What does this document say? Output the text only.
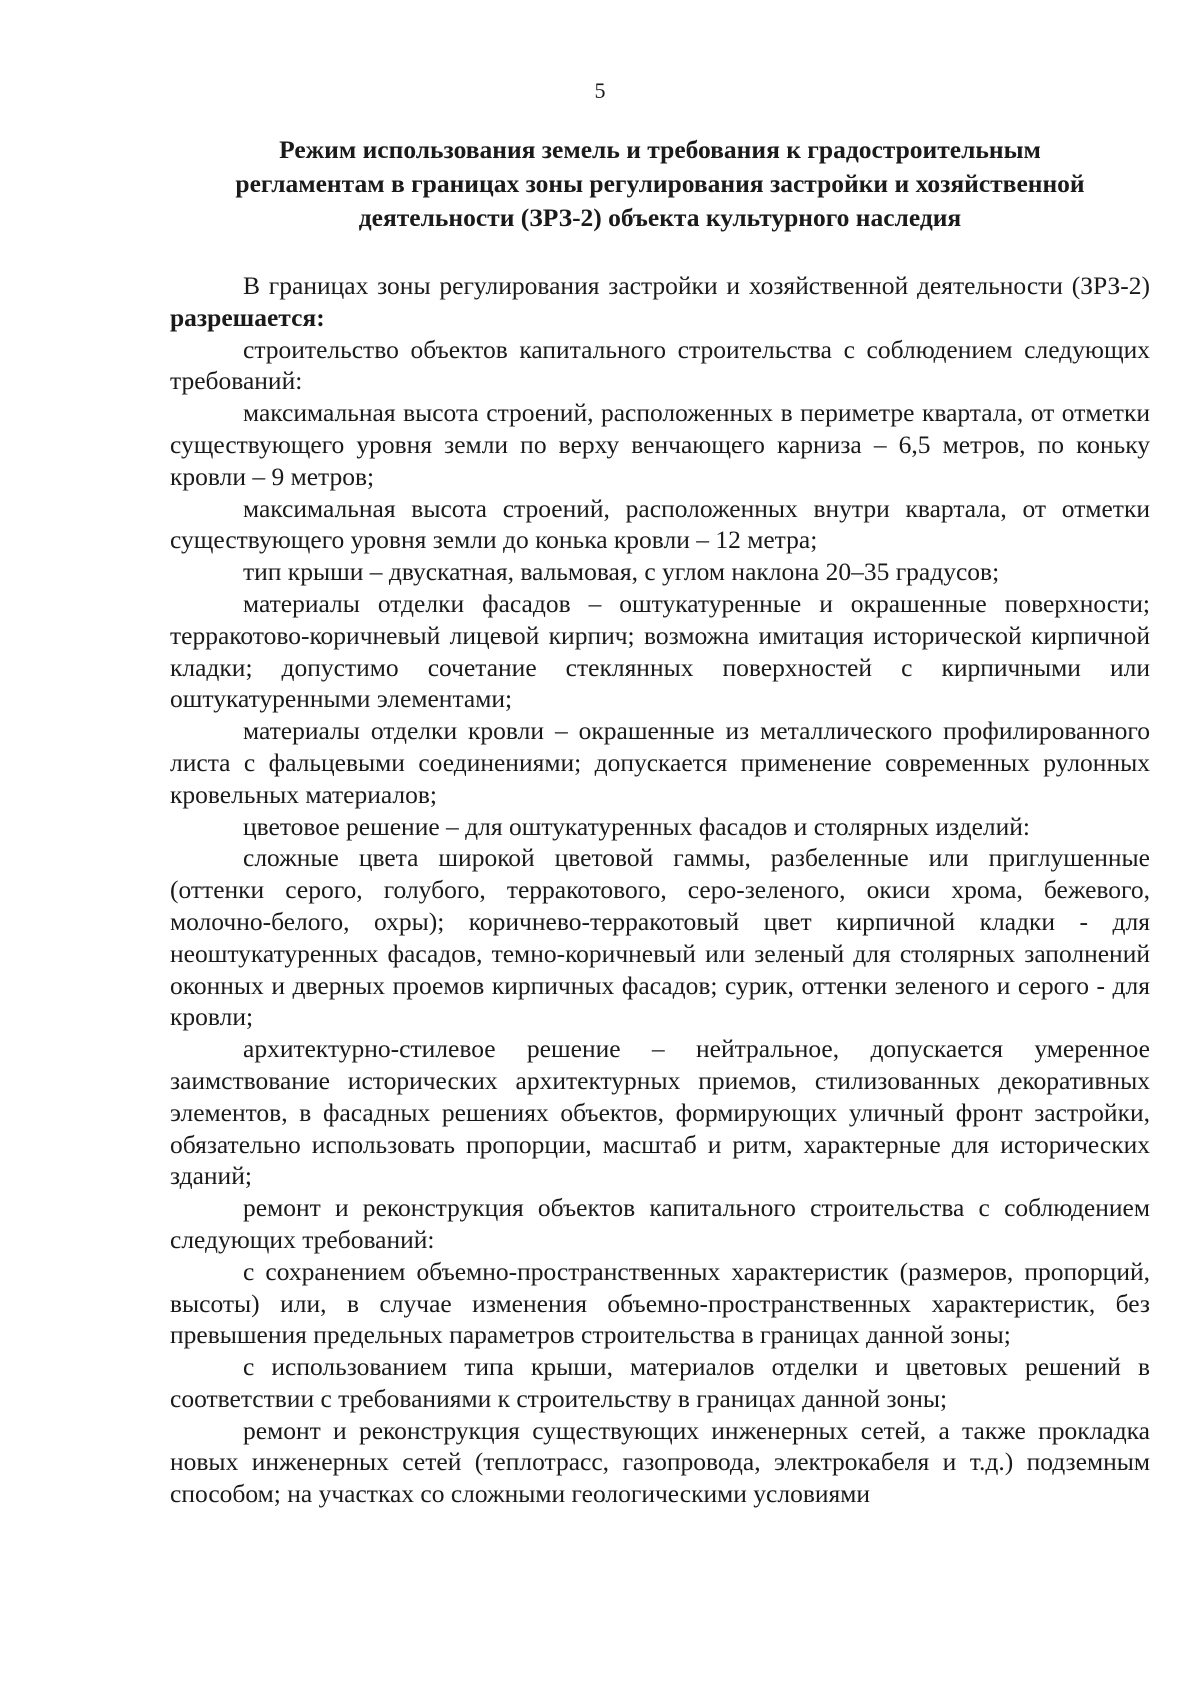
5
Режим использования земель и требования к градостроительным
регламентам в границах зоны регулирования застройки и хозяйственной
деятельности (ЗРЗ-2) объекта культурного наследия

В границах зоны регулирования застройки и хозяйственной деятельности (ЗРЗ-2) разрешается:

строительство объектов капитального строительства с соблюдением следующих требований:

максимальная высота строений, расположенных в периметре квартала, от отметки существующего уровня земли по верху венчающего карниза – 6,5 метров, по коньку кровли – 9 метров;

максимальная высота строений, расположенных внутри квартала, от отметки существующего уровня земли до конька кровли – 12 метра;

тип крыши – двускатная, вальмовая, с углом наклона 20–35 градусов;

материалы отделки фасадов – оштукатуренные и окрашенные поверхности; терракотово-коричневый лицевой кирпич; возможна имитация исторической кирпичной кладки; допустимо сочетание стеклянных поверхностей с кирпичными или оштукатуренными элементами;

материалы отделки кровли – окрашенные из металлического профилированного листа с фальцевыми соединениями; допускается применение современных рулонных кровельных материалов;

цветовое решение – для оштукатуренных фасадов и столярных изделий:

сложные цвета широкой цветовой гаммы, разбеленные или приглушенные (оттенки серого, голубого, терракотового, серо-зеленого, окиси хрома, бежевого, молочно-белого, охры); коричнево-терракотовый цвет кирпичной кладки - для неоштукатуренных фасадов, темно-коричневый или зеленый для столярных заполнений оконных и дверных проемов кирпичных фасадов; сурик, оттенки зеленого и серого - для кровли;

архитектурно-стилевое решение – нейтральное, допускается умеренное заимствование исторических архитектурных приемов, стилизованных декоративных элементов, в фасадных решениях объектов, формирующих уличный фронт застройки, обязательно использовать пропорции, масштаб и ритм, характерные для исторических зданий;

ремонт и реконструкция объектов капитального строительства с соблюдением следующих требований:

с сохранением объемно-пространственных характеристик (размеров, пропорций, высоты) или, в случае изменения объемно-пространственных характеристик, без превышения предельных параметров строительства в границах данной зоны;

с использованием типа крыши, материалов отделки и цветовых решений в соответствии с требованиями к строительству в границах данной зоны;

ремонт и реконструкция существующих инженерных сетей, а также прокладка новых инженерных сетей (теплотрасс, газопровода, электрокабеля и т.д.) подземным способом; на участках со сложными геологическими условиями
